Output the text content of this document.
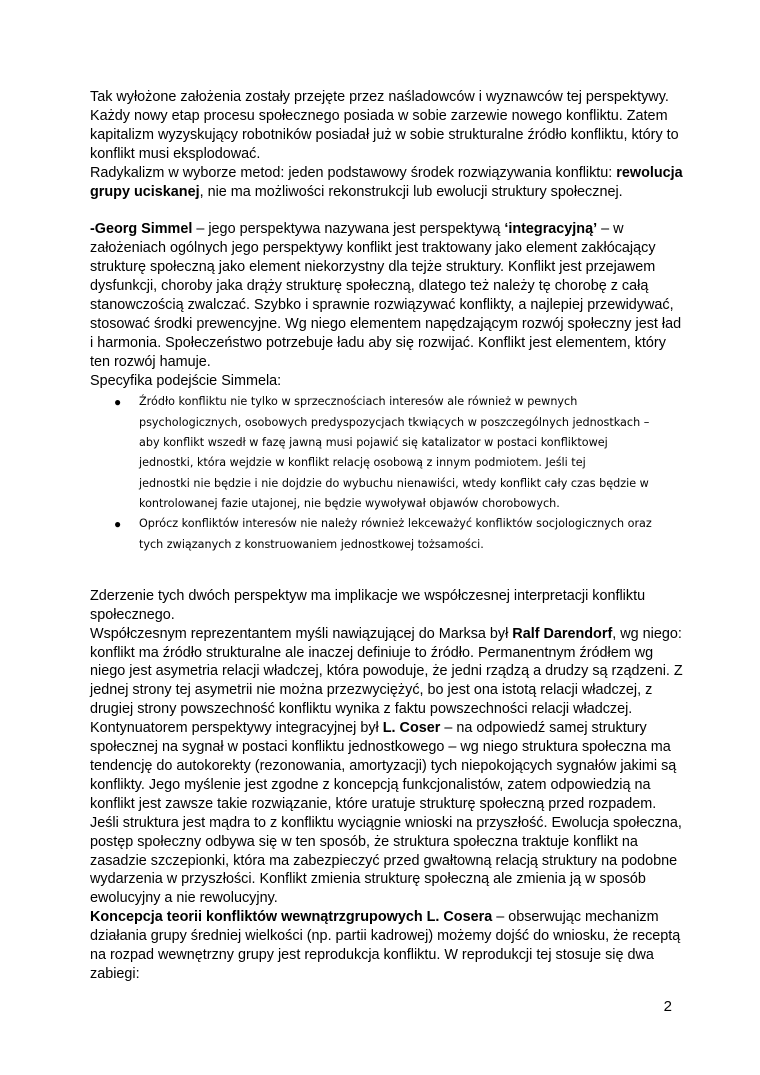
Tak wyłożone założenia zostały przejęte przez naśladowców i wyznawców tej perspektywy.

Każdy nowy etap procesu społecznego posiada w sobie zarzewie nowego konfliktu. Zatem

kapitalizm wyzyskujący robotników posiadał już w sobie strukturalne źródło konfliktu, który to

konflikt musi eksplodować.

Radykalizm w wyborze metod: jeden podstawowy środek rozwiązywania konfliktu: rewolucja
grupy uciskanej, nie ma możliwości rekonstrukcji lub ewolucji struktury społecznej.
-Georg Simmel – jego perspektywa nazywana jest perspektywą ‘integracyjną’ – w

założeniach ogólnych jego perspektywy konflikt jest traktowany jako element zakłócający

strukturę społeczną jako element niekorzystny dla tejże struktury. Konflikt jest przejawem

dysfunkcji, choroby jaka drąży strukturę społeczną, dlatego też należy tę chorobę z całą

stanowczością zwalczać. Szybko i sprawnie rozwiązywać konflikty, a najlepiej przewidywać,

stosować środki prewencyjne. Wg niego elementem napędzającym rozwój społeczny jest ład

i harmonia. Społeczeństwo potrzebuje ładu aby się rozwijać. Konflikt jest elementem, który

ten rozwój hamuje.

Specyfika podejście Simmela:

● Źródło konfliktu nie tylko w sprzecznościach interesów ale również w pewnych
psychologicznych, osobowych predyspozycjach tkwiących w poszczególnych jednostkach –
aby konflikt wszedł w fazę jawną musi pojawić się katalizator w postaci konfliktowej
jednostki, która wejdzie w konflikt relację osobową z innym podmiotem. Jeśli tej
jednostki nie będzie i nie dojdzie do wybuchu nienawiści, wtedy konflikt cały czas będzie w
kontrolowanej fazie utajonej, nie będzie wywoływał objawów chorobowych.
● Oprócz konfliktów interesów nie należy również lekceważyć konfliktów socjologicznych oraz
tych związanych z konstruowaniem jednostkowej tożsamości.

Zderzenie tych dwóch perspektyw ma implikacje we współczesnej interpretacji konfliktu

społecznego.

Współczesnym reprezentantem myśli nawiązującej do Marksa był Ralf Darendorf, wg niego:

konflikt ma źródło strukturalne ale inaczej definiuje to źródło. Permanentnym źródłem wg

niego jest asymetria relacji władczej, która powoduje, że jedni rządzą a drudzy są rządzeni. Z

jednej strony tej asymetrii nie można przezwyciężyć, bo jest ona istotą relacji władczej, z

drugiej strony powszechność konfliktu wynika z faktu powszechności relacji władczej.

Kontynuatorem perspektywy integracyjnej był L. Coser – na odpowiedź samej struktury

społecznej na sygnał w postaci konfliktu jednostkowego – wg niego struktura społeczna ma

tendencję do autokorekty (rezonowania, amortyzacji) tych niepokojących sygnałów jakimi są

konflikty. Jego myślenie jest zgodne z koncepcją funkcjonalistów, zatem odpowiedzią na

konflikt jest zawsze takie rozwiązanie, które uratuje strukturę społeczną przed rozpadem.

Jeśli struktura jest mądra to z konfliktu wyciągnie wnioski na przyszłość. Ewolucja społeczna,

postęp społeczny odbywa się w ten sposób, że struktura społeczna traktuje konflikt na

zasadzie szczepionki, która ma zabezpieczyć przed gwałtowną relacją struktury na podobne

wydarzenia w przyszłości. Konflikt zmienia strukturę społeczną ale zmienia ją w sposób

ewolucyjny a nie rewolucyjny.

Koncepcja teorii konfliktów wewnątrzgrupowych L. Cosera – obserwując mechanizm

działania grupy średniej wielkości (np. partii kadrowej) możemy dojść do wniosku, że receptą

na rozpad wewnętrzny grupy jest reprodukcja konfliktu. W reprodukcji tej stosuje się dwa

zabiegi:

2
